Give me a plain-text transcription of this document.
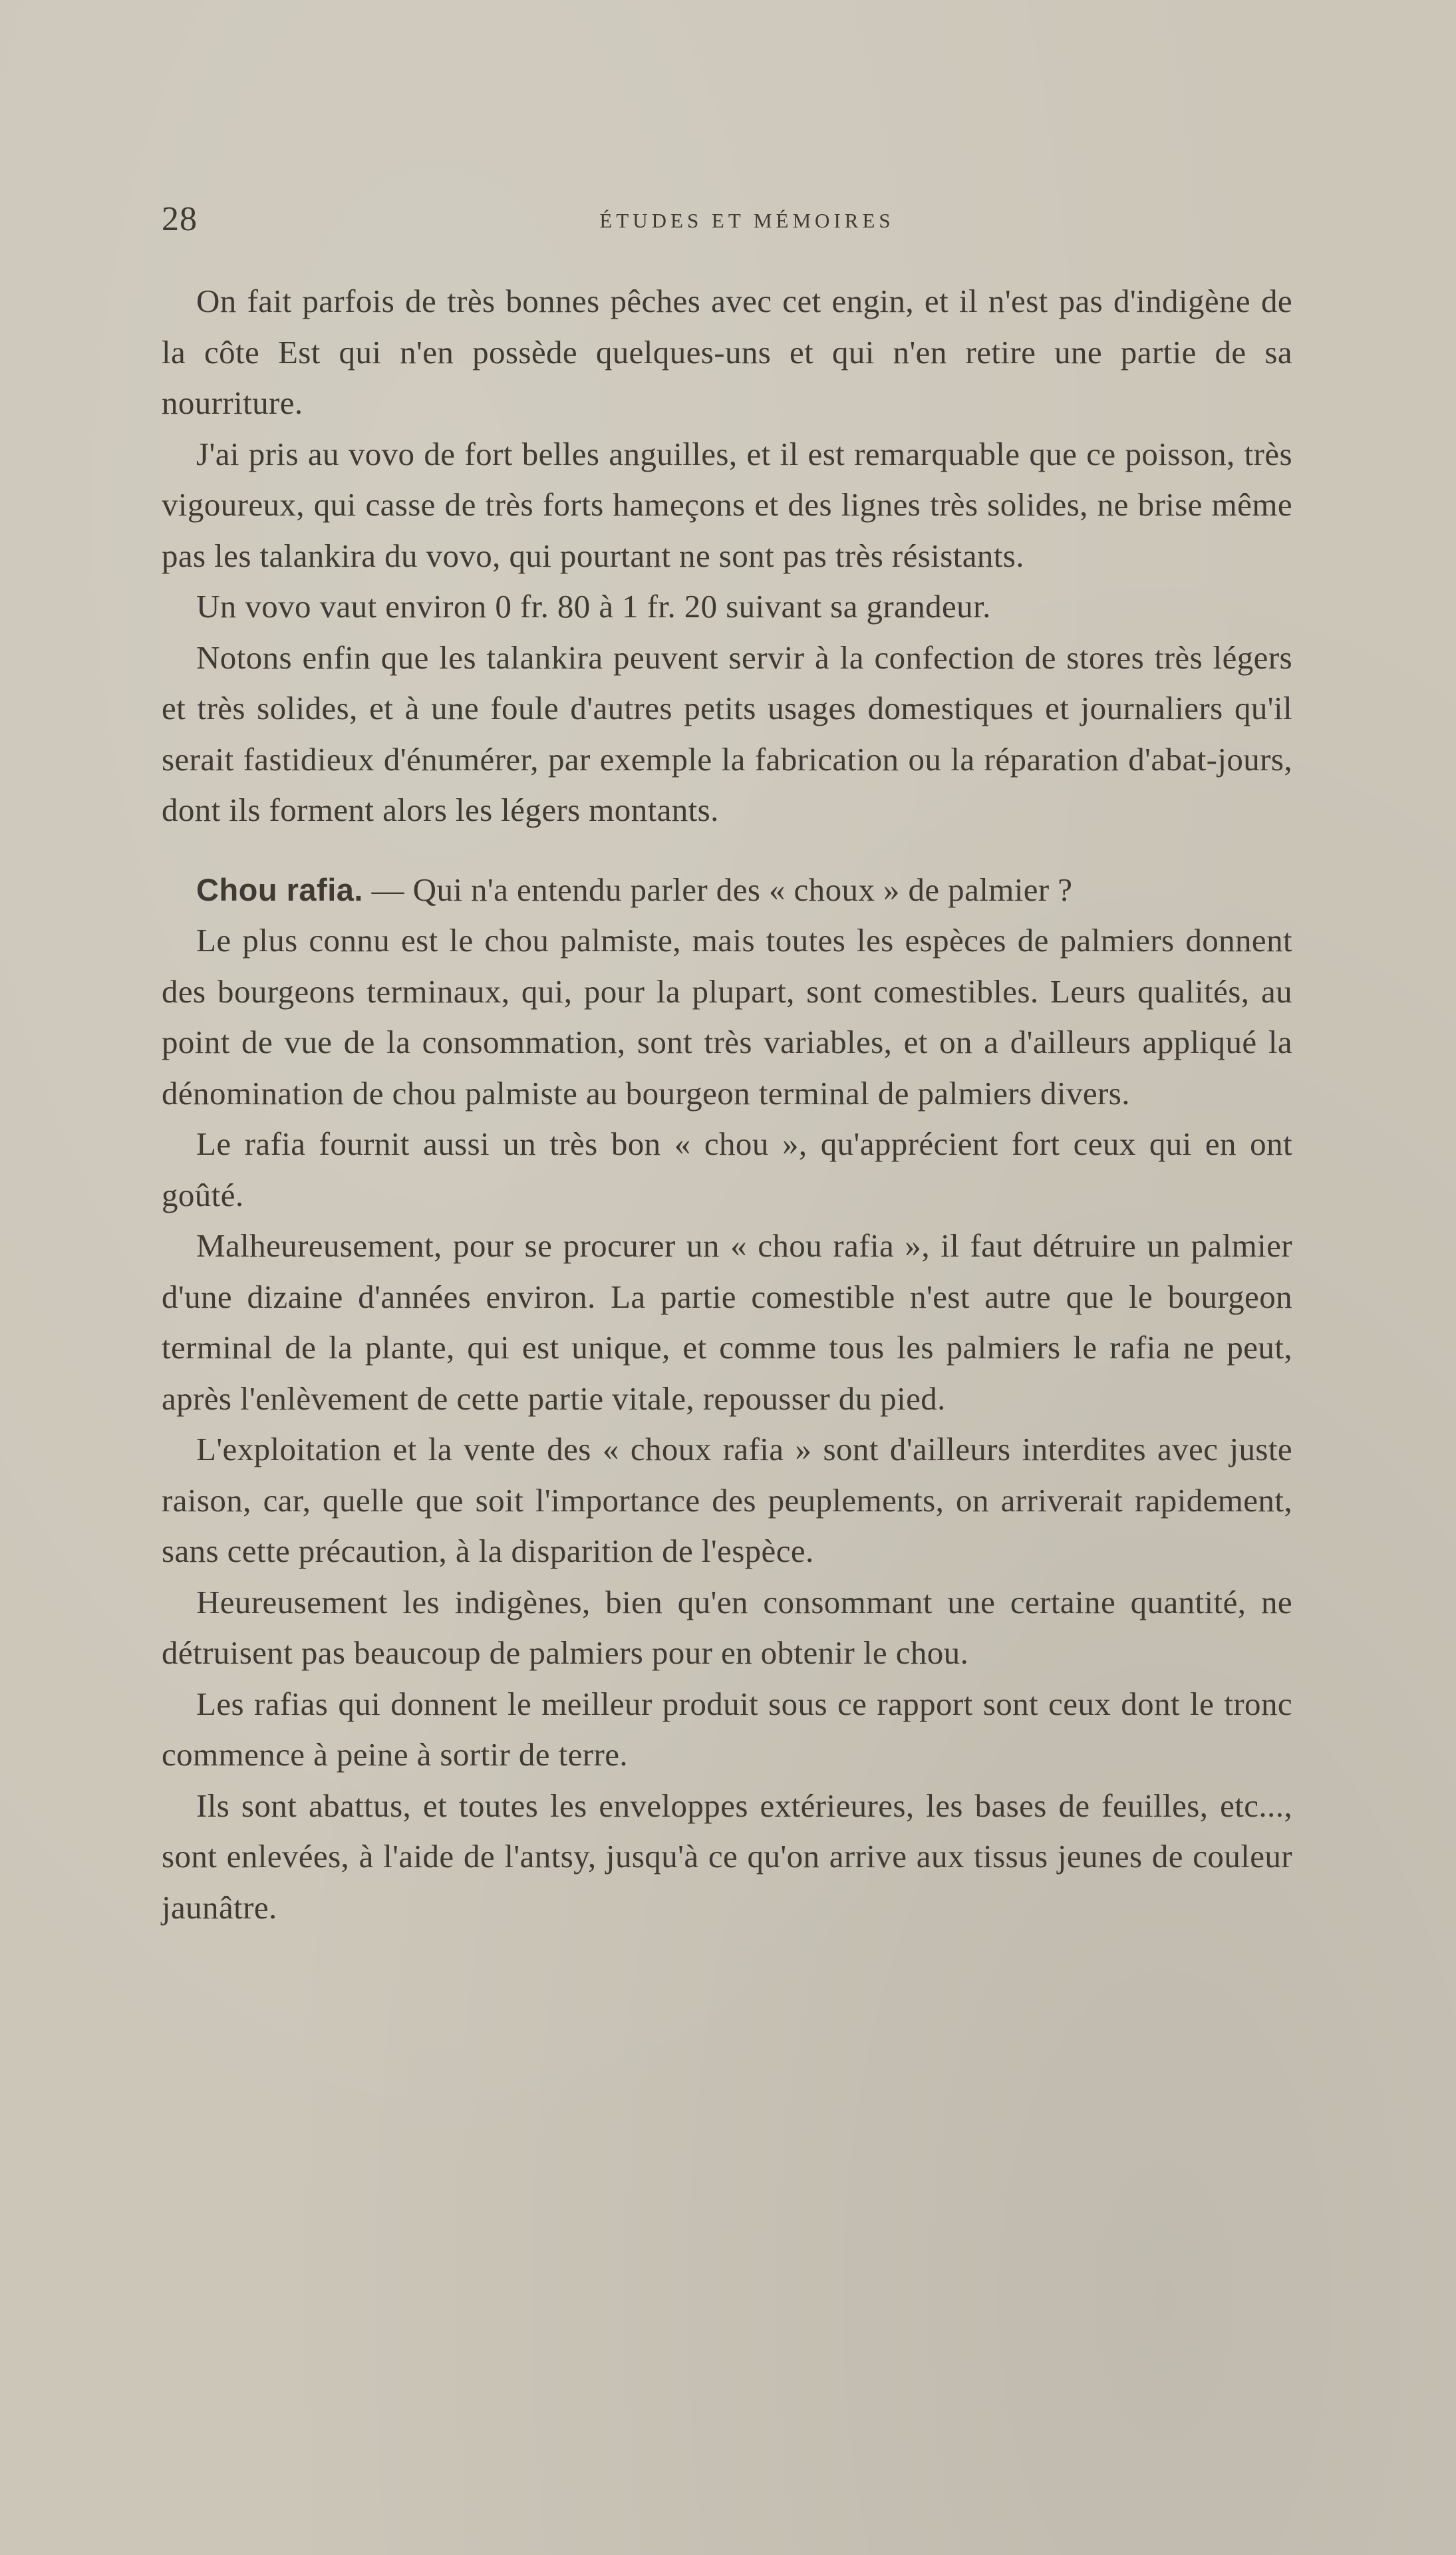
28	ÉTUDES ET MÉMOIRES

On fait parfois de très bonnes pêches avec cet engin, et il n'est pas d'indigène de la côte Est qui n'en possède quelques-uns et qui n'en retire une partie de sa nourriture.

J'ai pris au vovo de fort belles anguilles, et il est remarquable que ce poisson, très vigoureux, qui casse de très forts hameçons et des lignes très solides, ne brise même pas les talankira du vovo, qui pourtant ne sont pas très résistants.

Un vovo vaut environ 0 fr. 80 à 1 fr. 20 suivant sa grandeur.

Notons enfin que les talankira peuvent servir à la confection de stores très légers et très solides, et à une foule d'autres petits usages domestiques et journaliers qu'il serait fastidieux d'énumérer, par exemple la fabrication ou la réparation d'abat-jours, dont ils forment alors les légers montants.

Chou rafia. — Qui n'a entendu parler des « choux » de palmier ?

Le plus connu est le chou palmiste, mais toutes les espèces de palmiers donnent des bourgeons terminaux, qui, pour la plupart, sont comestibles. Leurs qualités, au point de vue de la consommation, sont très variables, et on a d'ailleurs appliqué la dénomination de chou palmiste au bourgeon terminal de palmiers divers.

Le rafia fournit aussi un très bon « chou », qu'apprécient fort ceux qui en ont goûté.

Malheureusement, pour se procurer un « chou rafia », il faut détruire un palmier d'une dizaine d'années environ. La partie comestible n'est autre que le bourgeon terminal de la plante, qui est unique, et comme tous les palmiers le rafia ne peut, après l'enlèvement de cette partie vitale, repousser du pied.

L'exploitation et la vente des « choux rafia » sont d'ailleurs interdites avec juste raison, car, quelle que soit l'importance des peuplements, on arriverait rapidement, sans cette précaution, à la disparition de l'espèce.

Heureusement les indigènes, bien qu'en consommant une certaine quantité, ne détruisent pas beaucoup de palmiers pour en obtenir le chou.

Les rafias qui donnent le meilleur produit sous ce rapport sont ceux dont le tronc commence à peine à sortir de terre.

Ils sont abattus, et toutes les enveloppes extérieures, les bases de feuilles, etc..., sont enlevées, à l'aide de l'antsy, jusqu'à ce qu'on arrive aux tissus jeunes de couleur jaunâtre.
